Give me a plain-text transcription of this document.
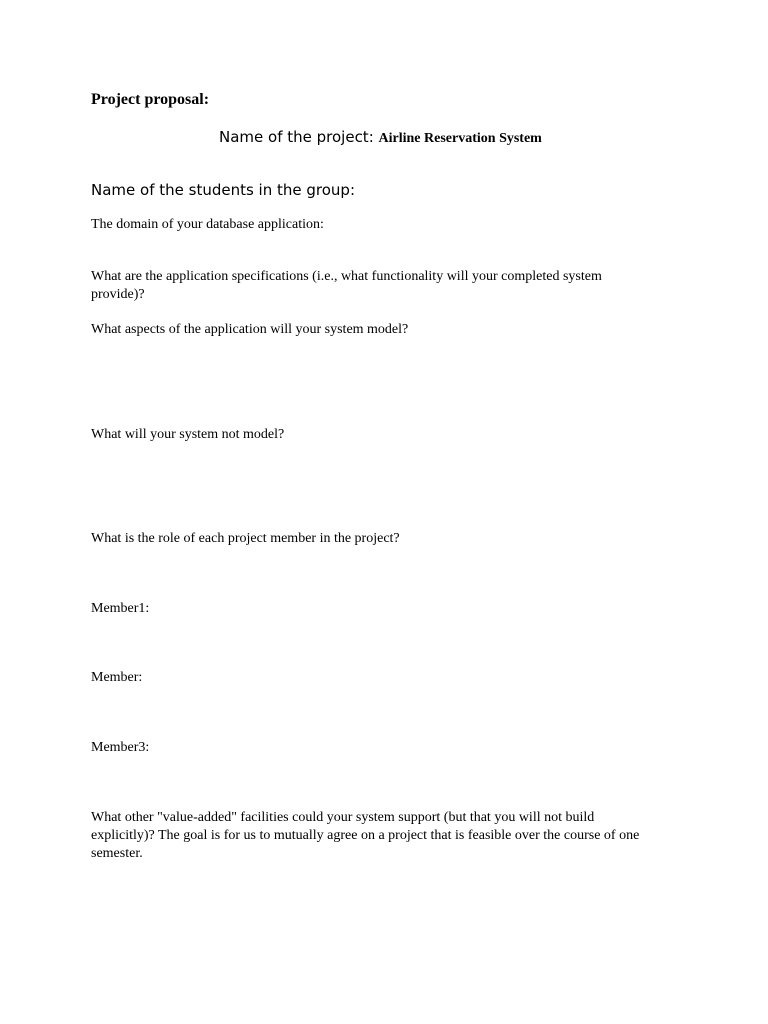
Project proposal:
Name of the project: Airline Reservation System
Name of the students in the group:
The domain of your database application:
What are the application specifications (i.e., what functionality will your completed system
provide)?
What aspects of the application will your system model?
What will your system not model?
What is the role of each project member in the project?
Member1:
Member:
Member3:
What other "value-added" facilities could your system support (but that you will not build
explicitly)? The goal is for us to mutually agree on a project that is feasible over the course of one
semester.
